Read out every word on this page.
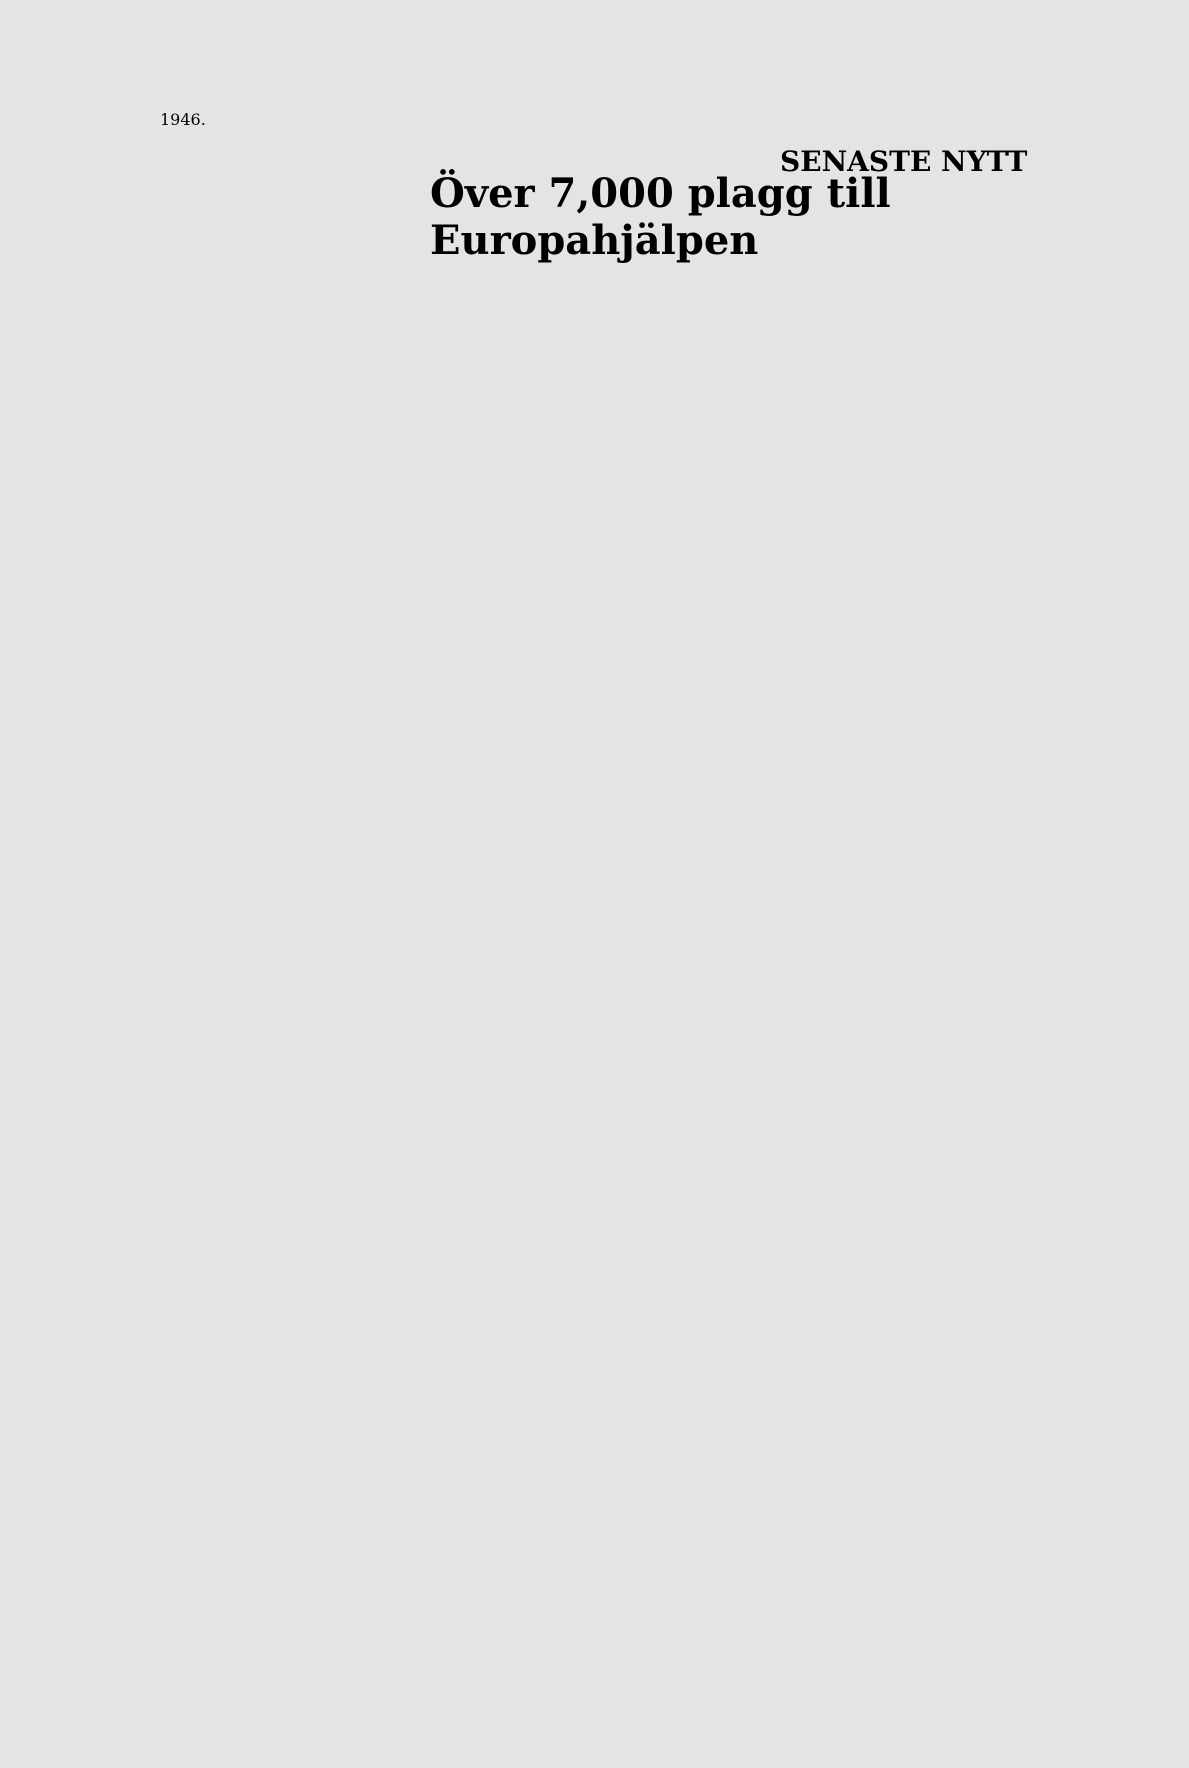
1946.
Över 7,000 plagg till Europahjälpen
SENASTE NYTT
